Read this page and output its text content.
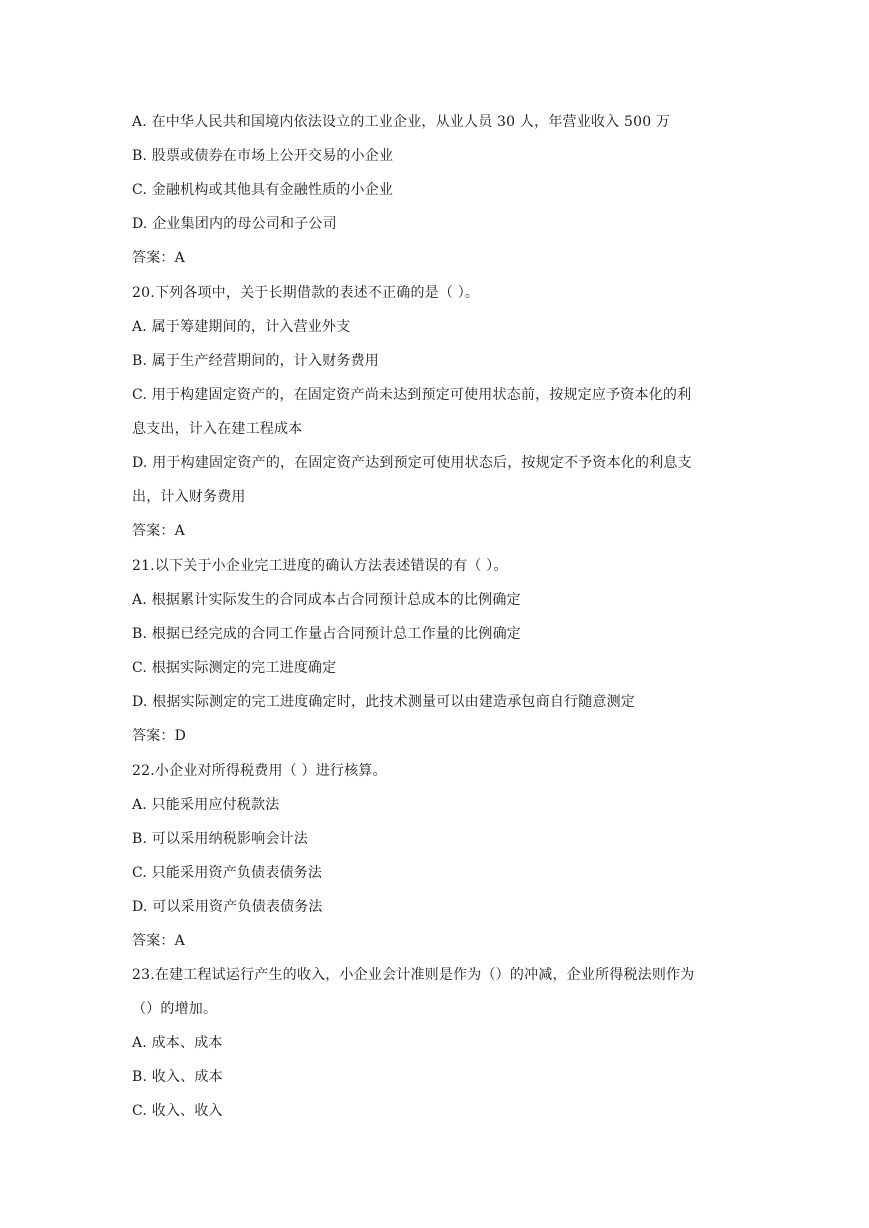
A. 在中华人民共和国境内依法设立的工业企业，从业人员 30 人，年营业收入 500 万
B. 股票或债券在市场上公开交易的小企业
C. 金融机构或其他具有金融性质的小企业
D. 企业集团内的母公司和子公司
答案：A
20.下列各项中，关于长期借款的表述不正确的是（ ）。
A. 属于筹建期间的，计入营业外支
B. 属于生产经营期间的，计入财务费用
C. 用于构建固定资产的，在固定资产尚未达到预定可使用状态前，按规定应予资本化的利
息支出，计入在建工程成本
D. 用于构建固定资产的，在固定资产达到预定可使用状态后，按规定不予资本化的利息支
出，计入财务费用
答案：A
21.以下关于小企业完工进度的确认方法表述错误的有（ ）。
A. 根据累计实际发生的合同成本占合同预计总成本的比例确定
B. 根据已经完成的合同工作量占合同预计总工作量的比例确定
C. 根据实际测定的完工进度确定
D. 根据实际测定的完工进度确定时，此技术测量可以由建造承包商自行随意测定
答案：D
22.小企业对所得税费用（ ）进行核算。
A. 只能采用应付税款法
B. 可以采用纳税影响会计法
C. 只能采用资产负债表债务法
D. 可以采用资产负债表债务法
答案：A
23.在建工程试运行产生的收入，小企业会计准则是作为（）的冲减，企业所得税法则作为
（）的增加。
A. 成本、成本
B. 收入、成本
C. 收入、收入
